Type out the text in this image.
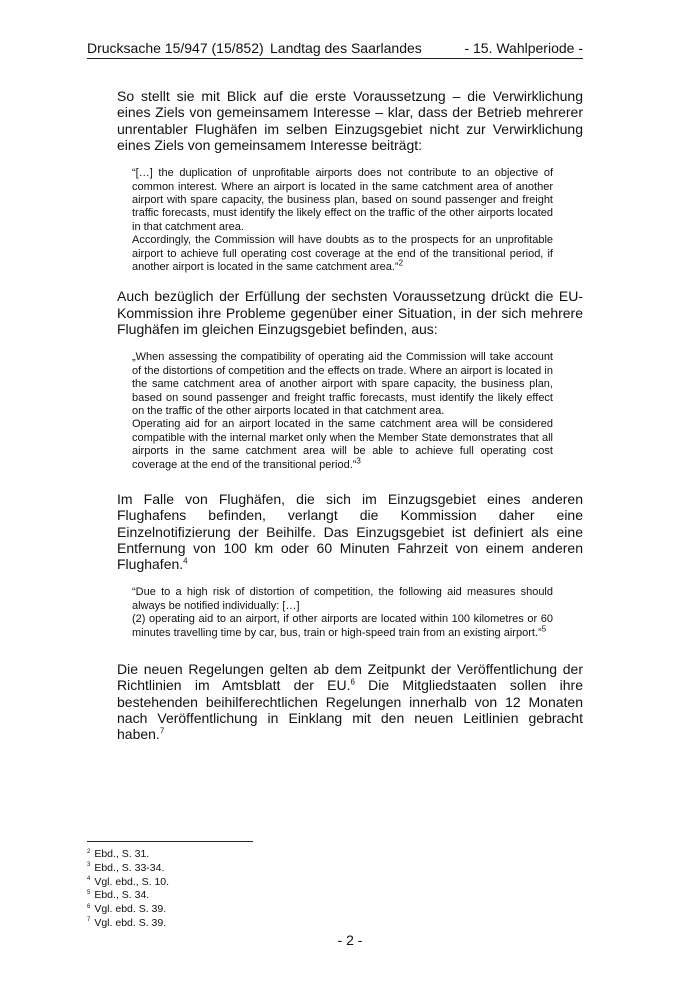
Drucksache 15/947 (15/852) Landtag des Saarlandes	- 15. Wahlperiode -

So stellt sie mit Blick auf die erste Voraussetzung – die Verwirklichung eines Ziels von gemeinsamem Interesse – klar, dass der Betrieb mehrerer unrentabler Flughäfen im selben Einzugsgebiet nicht zur Verwirklichung eines Ziels von gemeinsamem Interesse beiträgt:

“[…] the duplication of unprofitable airports does not contribute to an objective of common interest. Where an airport is located in the same catchment area of another airport with spare capacity, the business plan, based on sound passenger and freight traffic forecasts, must identify the likely effect on the traffic of the other airports located in that catchment area.

Accordingly, the Commission will have doubts as to the prospects for an unprofitable airport to achieve full operating cost coverage at the end of the transitional period, if another airport is located in the same catchment area.”$^2$

Auch bezüglich der Erfüllung der sechsten Voraussetzung drückt die EU-Kommission ihre Probleme gegenüber einer Situation, in der sich mehrere Flughäfen im gleichen Einzugsgebiet befinden, aus:

„When assessing the compatibility of operating aid the Commission will take account of the distortions of competition and the effects on trade. Where an airport is located in the same catchment area of another airport with spare capacity, the business plan, based on sound passenger and freight traffic forecasts, must identify the likely effect on the traffic of the other airports located in that catchment area.

Operating aid for an airport located in the same catchment area will be considered compatible with the internal market only when the Member State demonstrates that all airports in the same catchment area will be able to achieve full operating cost coverage at the end of the transitional period.”$^3$

Im Falle von Flughäfen, die sich im Einzugsgebiet eines anderen Flughafens befinden, verlangt die Kommission daher eine Einzelnotifizierung der Beihilfe. Das Einzugsgebiet ist definiert als eine Entfernung von 100 km oder 60 Minuten Fahrzeit von einem anderen Flughafen.$^4$

“Due to a high risk of distortion of competition, the following aid measures should always be notified individually: […]

(2) operating aid to an airport, if other airports are located within 100 kilometres or 60 minutes travelling time by car, bus, train or high-speed train from an existing airport.”$^5$

Die neuen Regelungen gelten ab dem Zeitpunkt der Veröffentlichung der Richtlinien im Amtsblatt der EU.$^6$ Die Mitgliedstaaten sollen ihre bestehenden beihilferechtlichen Regelungen innerhalb von 12 Monaten nach Veröffentlichung in Einklang mit den neuen Leitlinien gebracht haben.$^7$

$^2$ Ebd., S. 31.
$^3$ Ebd., S. 33-34.
$^4$ Vgl. ebd., S. 10.
$^5$ Ebd., S. 34.
$^6$ Vgl. ebd. S. 39.
$^7$ Vgl. ebd. S. 39.
- 2 -
